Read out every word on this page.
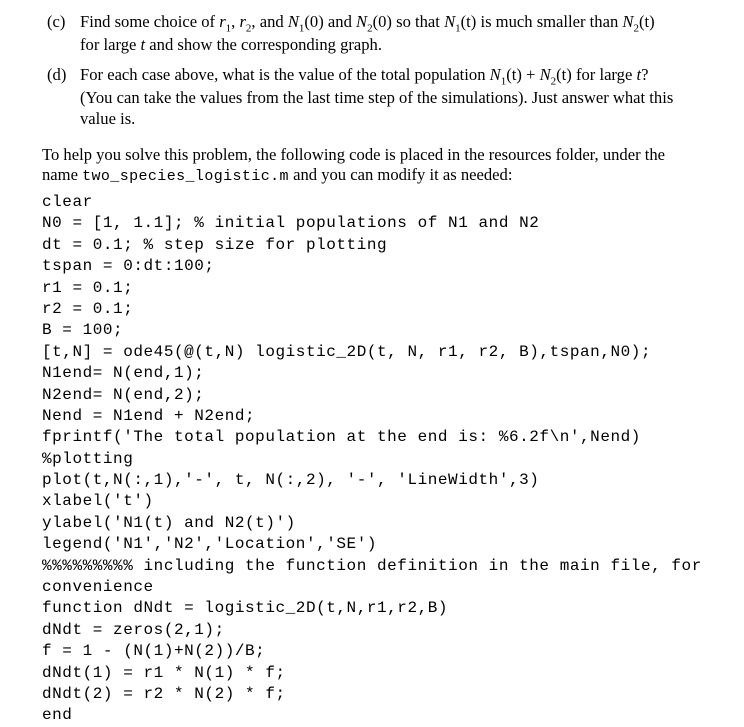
(c) Find some choice of $r_1$, $r_2$, and $N_1(0)$ and $N_2(0)$ so that $N_1(t)$ is much smaller than $N_2(t)$
for large t and show the corresponding graph.
(d) For each case above, what is the value of the total population $N_1(t) + N_2(t)$ for large t?
(You can take the values from the last time step of the simulations). Just answer what this
value is.
To help you solve this problem, the following code is placed in the resources folder, under the
name two_species_logistic.m and you can modify it as needed:
clear
N0 = [1, 1.1]; % initial populations of N1 and N2
dt = 0.1; % step size for plotting
tspan = 0:dt:100;
r1 = 0.1;
r2 = 0.1;
B = 100;
[t,N] = ode45(@(t,N) logistic_2D(t, N, r1, r2, B),tspan,N0);
N1end= N(end,1);
N2end= N(end,2);
Nend = N1end + N2end;
fprintf('The total population at the end is: %6.2f\n',Nend)
%plotting
plot(t,N(:,1),'-', t, N(:,2), '-', 'LineWidth',3)
xlabel('t')
ylabel('N1(t) and N2(t)')
legend('N1','N2','Location','SE')
%%%%%%%%% including the function definition in the main file, for
convenience
function dNdt = logistic_2D(t,N,r1,r2,B)
dNdt = zeros(2,1);
f = 1 - (N(1)+N(2))/B;
dNdt(1) = r1 * N(1) * f;
dNdt(2) = r2 * N(2) * f;
end
